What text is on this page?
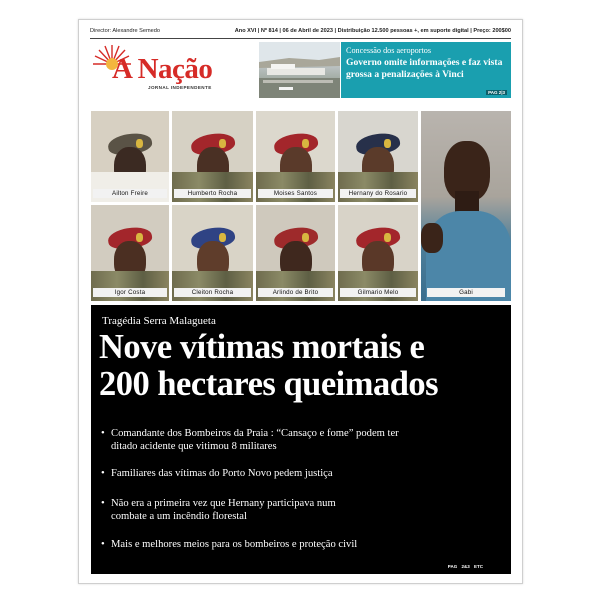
Director: Alexandre Semedo	Ano XVI | Nº 814 | 06 de Abril de 2023 | Distribuição 12.500 pessoas +, em suporte digital | Preço: 200$00
A Nação
JORNAL INDEPENDENTE
Concessão dos aeroportos
Governo omite informações e faz vista grossa a penalizações à Vinci
PAG 2|3
Ailton Freire	Humberto Rocha	Moises Santos	Hernany do Rosario
Igor Costa	Cleiton Rocha	Arlindo de Brito	Gilmario Melo	Gabi
Tragédia Serra Malagueta
Nove vítimas mortais e
200 hectares queimados
• Comandante dos Bombeiros da Praia : “Cansaço e fome” podem ter
ditado acidente que vitimou 8 militares
• Familiares das vítimas do Porto Novo pedem justiça
• Não era a primeira vez que Hernany participava num
combate a um incêndio florestal
• Mais e melhores meios para os bombeiros e proteção civil
PAG 2&3 ETC
